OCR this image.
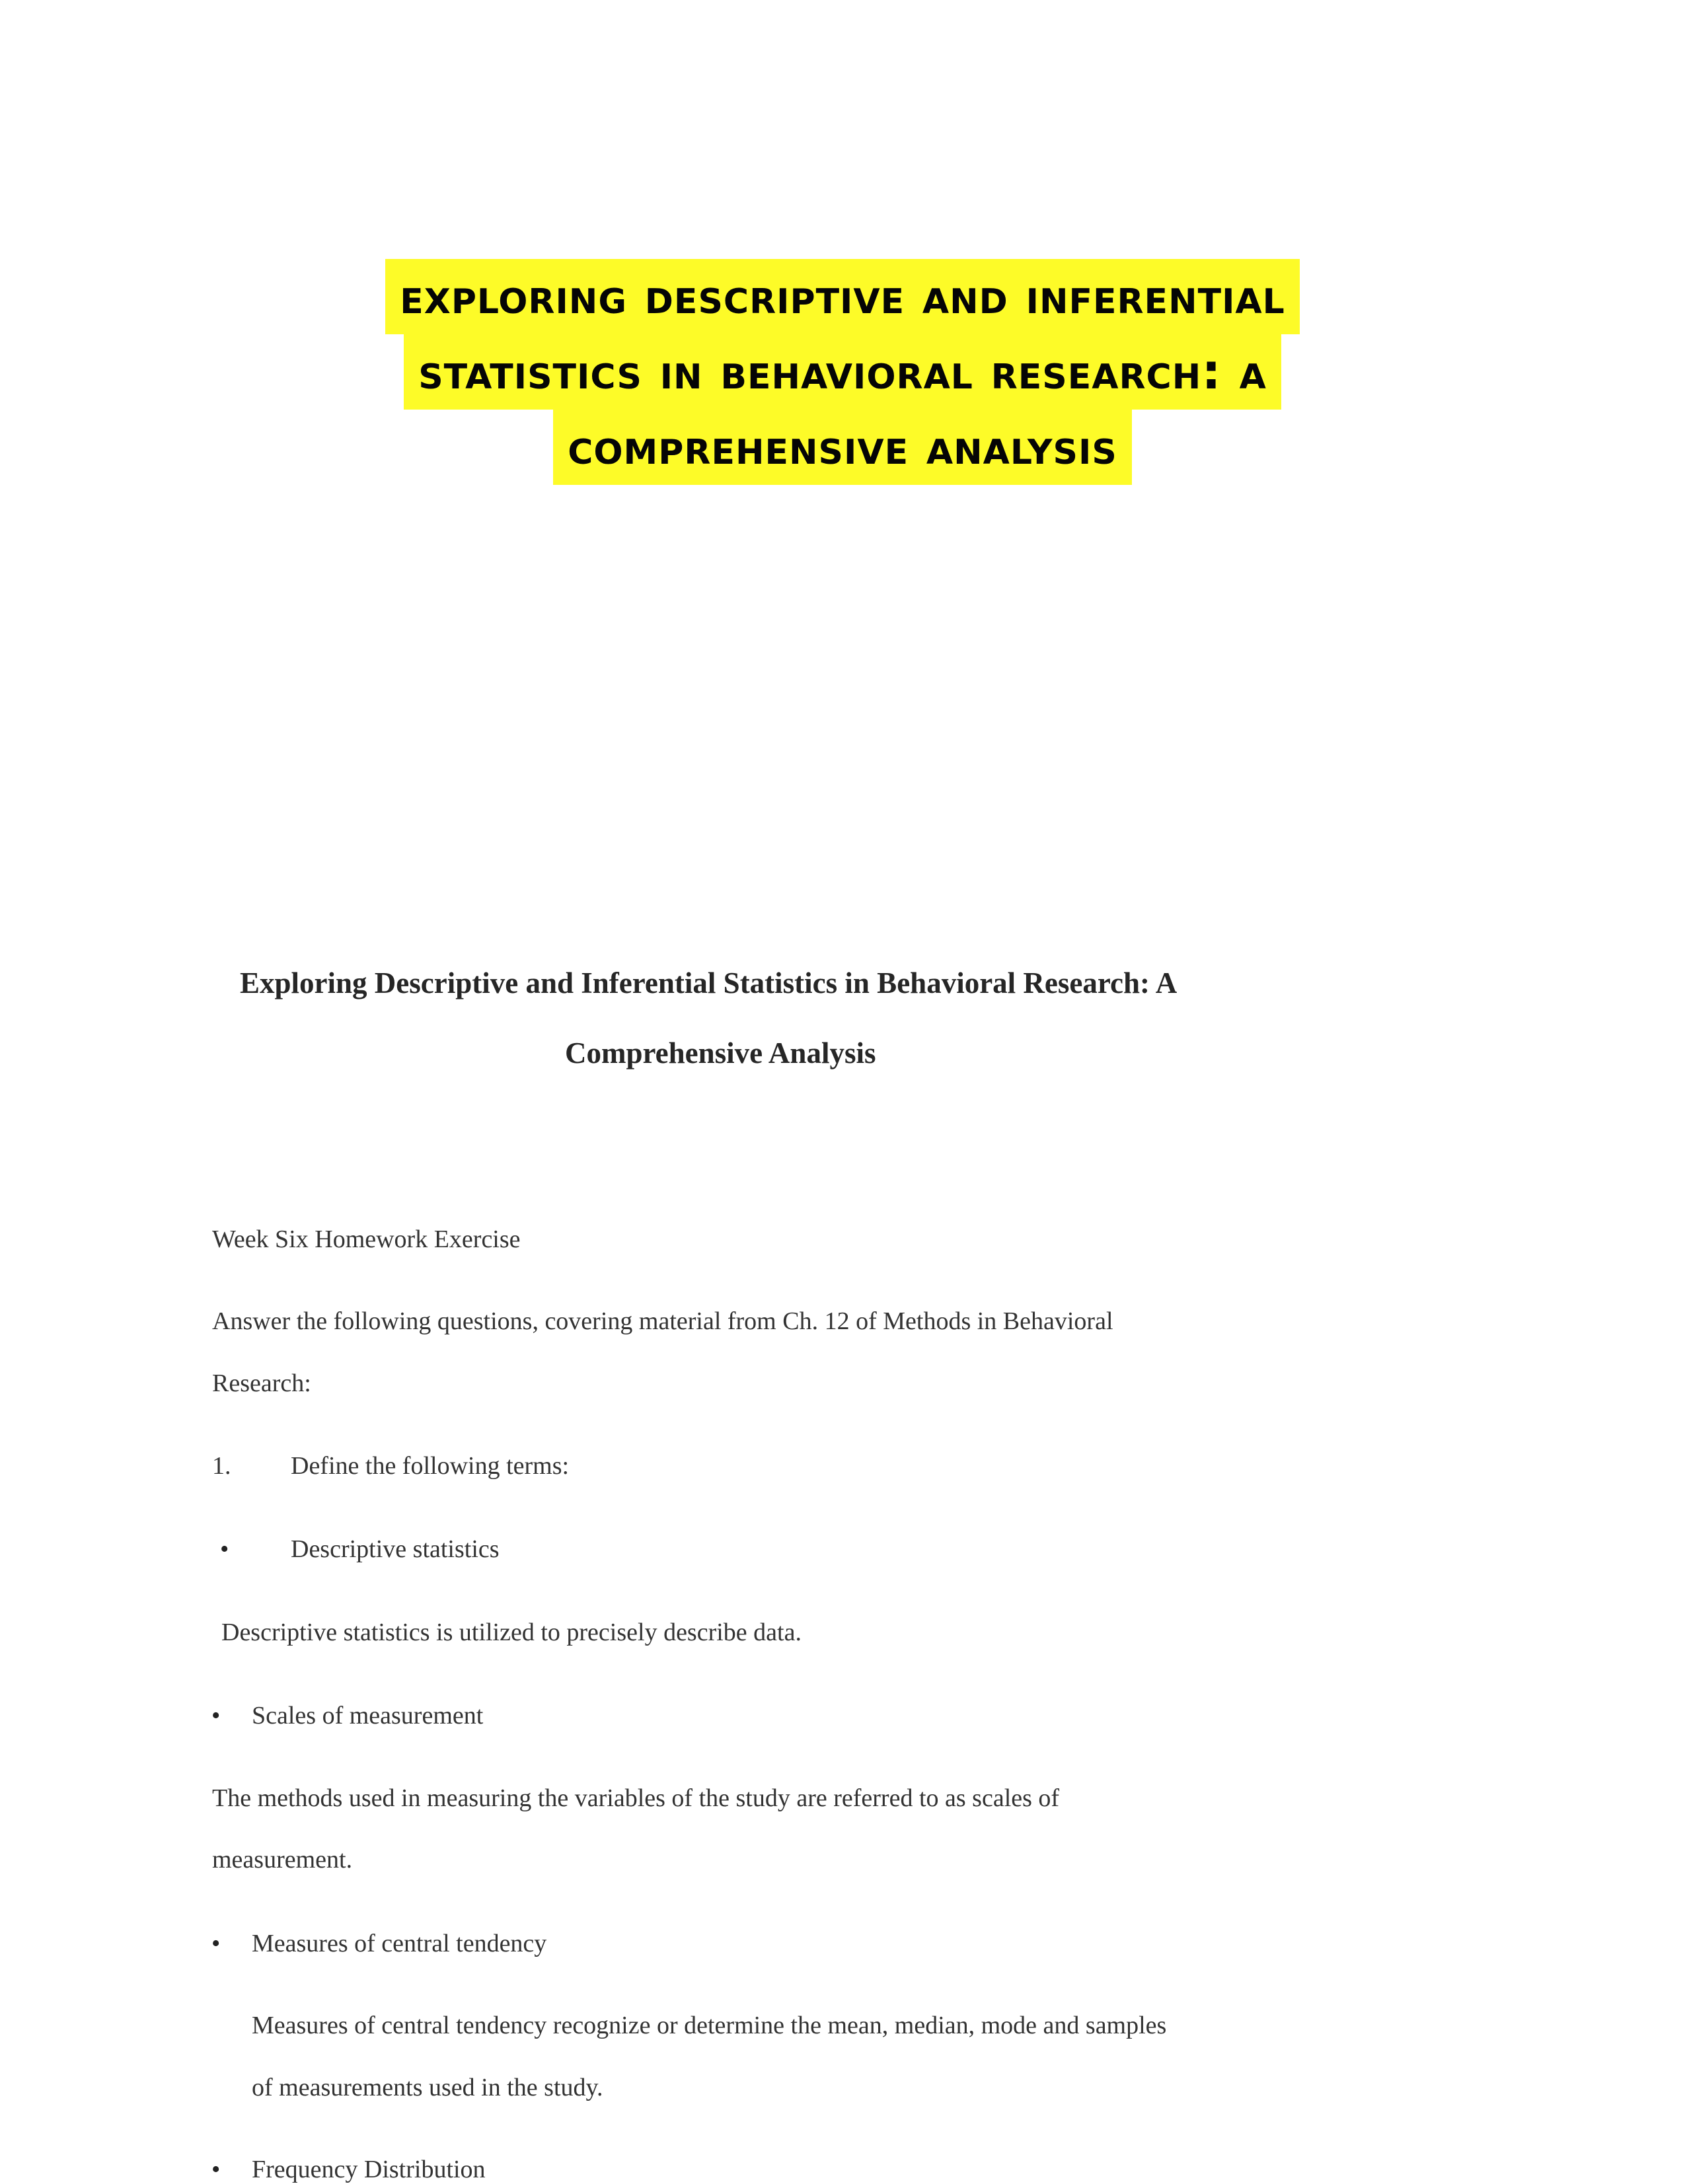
exploring descriptive and inferential
statistics in behavioral research: a
comprehensive analysis
Exploring Descriptive and Inferential Statistics in Behavioral Research: A
Comprehensive Analysis
Week Six Homework Exercise
Answer the following questions, covering material from Ch. 12 of Methods in Behavioral
Research:
1. Define the following terms:
• Descriptive statistics
Descriptive statistics is utilized to precisely describe data.
• Scales of measurement
The methods used in measuring the variables of the study are referred to as scales of
measurement.
• Measures of central tendency
Measures of central tendency recognize or determine the mean, median, mode and samples
of measurements used in the study.
• Frequency Distribution
